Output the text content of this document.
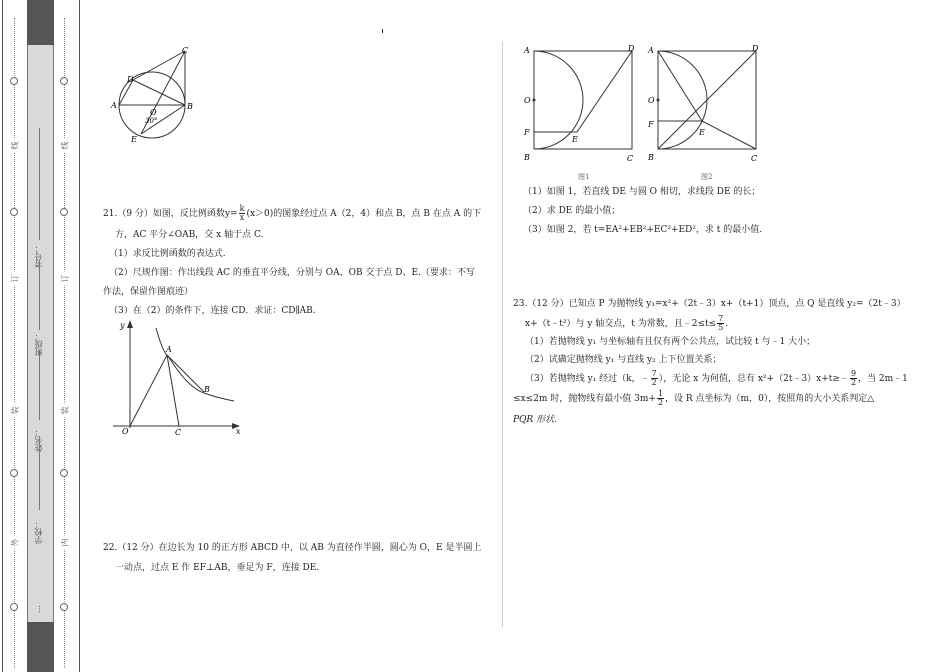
线
订
装
外
考号：
班级：
姓名：
学校：
…
线
订
装
内
C
D
A	B
O
30°
E

21.（9 分）如图，反比例函数$y= \frac{k}{x} (x>0)$的图象经过点 A（2，4）和点 B，点 B 在点 A 的下

方，AC 平分∠OAB，交 x 轴于点 C.

（1）求反比例函数的表达式.

（2）尺规作图：作出线段 AC 的垂直平分线，分别与 OA、OB 交于点 D、E.（要求：不写

作法，保留作图痕迹）

（3）在（2）的条件下，连接 CD．求证：CD∥AB.

y
x
O
A
B
C

22.（12 分）在边长为 10 的正方形 ABCD 中，以 AB 为直径作半圆，圆心为 O，E 是半圆上

一动点，过点 E 作 EF⊥AB，垂足为 F，连接 DE.

A	D
O
F
E
B	C
图1
A	D
O
F
E
B	C
图2

（1）如图 1，若直线 DE 与圆 O 相切，求线段 DE 的长；

（2）求 DE 的最小值；

（3）如图 2，若 t=EA²+EB²+EC²+ED²，求 t 的最小值.

23.（12 分）已知点 P 为抛物线 y₁=x²+（2t﹣3）x+（t+1）顶点，点 Q 是直线 y₂=（2t﹣3）

x+（t﹣t²）与 y 轴交点，t 为常数，且﹣2≤t≤ $\frac{7}{5}$ .

（1）若抛物线 y₁ 与坐标轴有且仅有两个公共点，试比较 t 与﹣1 大小；

（2）试确定抛物线 y₁ 与直线 y₂ 上下位置关系；

（3）若抛物线 y₁ 经过（k，﹣ $\frac{7}{2}$ ），无论 x 为何值，总有 x²+（2t﹣3）x+t≥﹣ $\frac{9}{2}$ ，当 2m﹣1

≤x≤2m 时，抛物线有最小值 $3m+ \frac{1}{2}$ ，设 R 点坐标为（m，0），按照角的大小关系判定△

PQR 形状.
